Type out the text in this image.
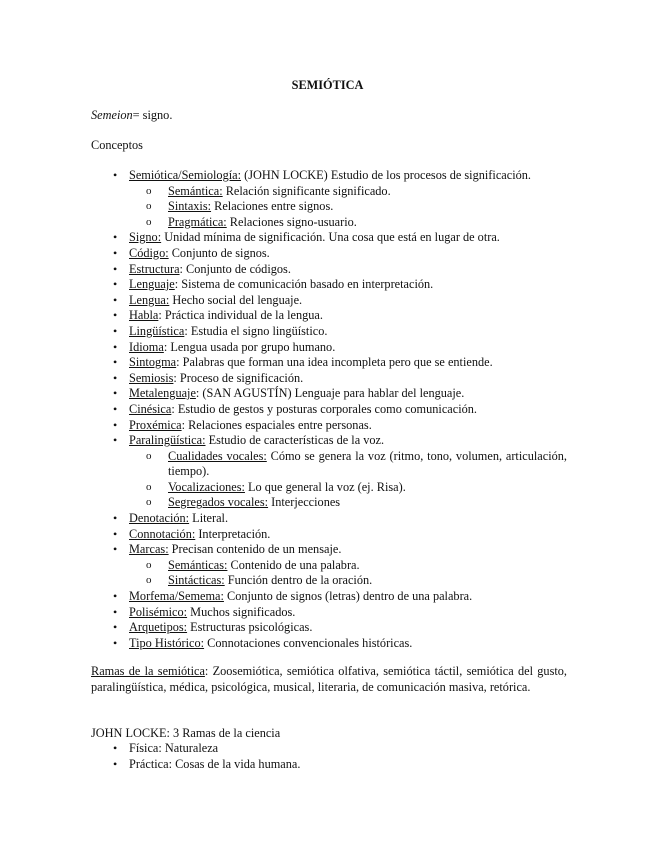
SEMIÓTICA
Semeion= signo.
Conceptos
• Semiótica/Semiología: (JOHN LOCKE) Estudio de los procesos de significación.
o Semántica: Relación significante significado.
o Sintaxis: Relaciones entre signos.
o Pragmática: Relaciones signo-usuario.
• Signo: Unidad mínima de significación. Una cosa que está en lugar de otra.
• Código: Conjunto de signos.
• Estructura: Conjunto de códigos.
• Lenguaje: Sistema de comunicación basado en interpretación.
• Lengua: Hecho social del lenguaje.
• Habla: Práctica individual de la lengua.
• Lingüística: Estudia el signo lingüístico.
• Idioma: Lengua usada por grupo humano.
• Sintogma: Palabras que forman una idea incompleta pero que se entiende.
• Semiosis: Proceso de significación.
• Metalenguaje: (SAN AGUSTÍN) Lenguaje para hablar del lenguaje.
• Cinésica: Estudio de gestos y posturas corporales como comunicación.
• Proxémica: Relaciones espaciales entre personas.
• Paralingüística: Estudio de características de la voz.
o Cualidades vocales: Cómo se genera la voz (ritmo, tono, volumen, articulación, tiempo).
o Vocalizaciones: Lo que general la voz (ej. Risa).
o Segregados vocales: Interjecciones
• Denotación: Literal.
• Connotación: Interpretación.
• Marcas: Precisan contenido de un mensaje.
o Semánticas: Contenido de una palabra.
o Sintácticas: Función dentro de la oración.
• Morfema/Semema: Conjunto de signos (letras) dentro de una palabra.
• Polisémico: Muchos significados.
• Arquetipos: Estructuras psicológicas.
• Tipo Histórico: Connotaciones convencionales históricas.
Ramas de la semiótica: Zoosemiótica, semiótica olfativa, semiótica táctil, semiótica del gusto, paralingüística, médica, psicológica, musical, literaria, de comunicación masiva, retórica.
JOHN LOCKE: 3 Ramas de la ciencia
• Física: Naturaleza
• Práctica: Cosas de la vida humana.
